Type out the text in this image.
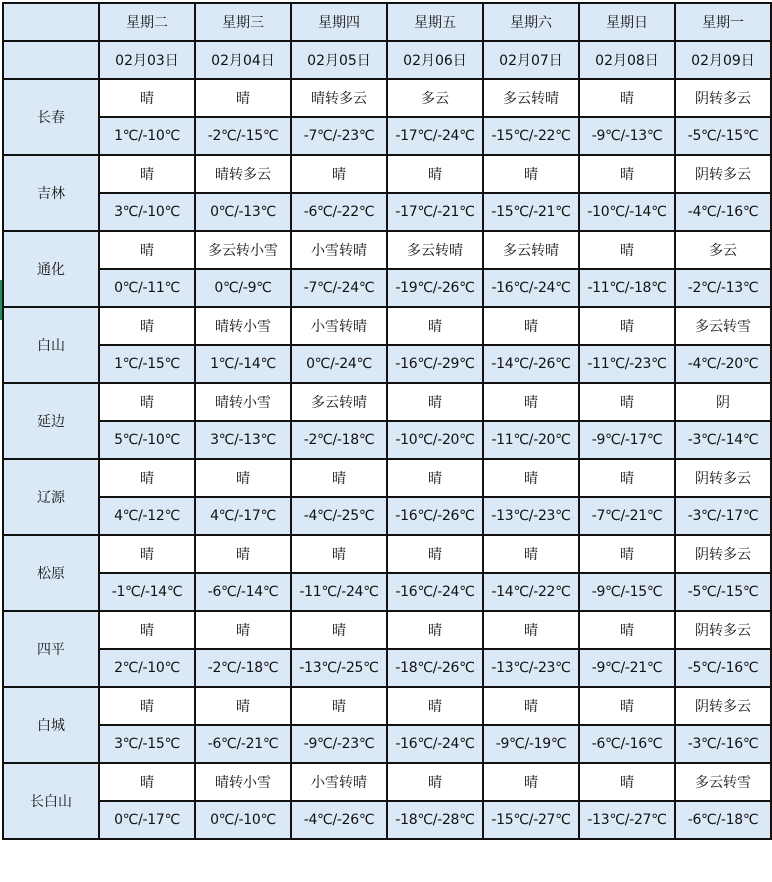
	星期二	星期三	星期四	星期五	星期六	星期日	星期一
	02月03日	02月04日	02月05日	02月06日	02月07日	02月08日	02月09日
长春	晴	晴	晴转多云	多云	多云转晴	晴	阴转多云
	1℃/-10℃	-2℃/-15℃	-7℃/-23℃	-17℃/-24℃	-15℃/-22℃	-9℃/-13℃	-5℃/-15℃
吉林	晴	晴转多云	晴	晴	晴	晴	阴转多云
	3℃/-10℃	0℃/-13℃	-6℃/-22℃	-17℃/-21℃	-15℃/-21℃	-10℃/-14℃	-4℃/-16℃
通化	晴	多云转小雪	小雪转晴	多云转晴	多云转晴	晴	多云
	0℃/-11℃	0℃/-9℃	-7℃/-24℃	-19℃/-26℃	-16℃/-24℃	-11℃/-18℃	-2℃/-13℃
白山	晴	晴转小雪	小雪转晴	晴	晴	晴	多云转雪
	1℃/-15℃	1℃/-14℃	0℃/-24℃	-16℃/-29℃	-14℃/-26℃	-11℃/-23℃	-4℃/-20℃
延边	晴	晴转小雪	多云转晴	晴	晴	晴	阴
	5℃/-10℃	3℃/-13℃	-2℃/-18℃	-10℃/-20℃	-11℃/-20℃	-9℃/-17℃	-3℃/-14℃
辽源	晴	晴	晴	晴	晴	晴	阴转多云
	4℃/-12℃	4℃/-17℃	-4℃/-25℃	-16℃/-26℃	-13℃/-23℃	-7℃/-21℃	-3℃/-17℃
松原	晴	晴	晴	晴	晴	晴	阴转多云
	-1℃/-14℃	-6℃/-14℃	-11℃/-24℃	-16℃/-24℃	-14℃/-22℃	-9℃/-15℃	-5℃/-15℃
四平	晴	晴	晴	晴	晴	晴	阴转多云
	2℃/-10℃	-2℃/-18℃	-13℃/-25℃	-18℃/-26℃	-13℃/-23℃	-9℃/-21℃	-5℃/-16℃
白城	晴	晴	晴	晴	晴	晴	阴转多云
	3℃/-15℃	-6℃/-21℃	-9℃/-23℃	-16℃/-24℃	-9℃/-19℃	-6℃/-16℃	-3℃/-16℃
长白山	晴	晴转小雪	小雪转晴	晴	晴	晴	多云转雪
	0℃/-17℃	0℃/-10℃	-4℃/-26℃	-18℃/-28℃	-15℃/-27℃	-13℃/-27℃	-6℃/-18℃
